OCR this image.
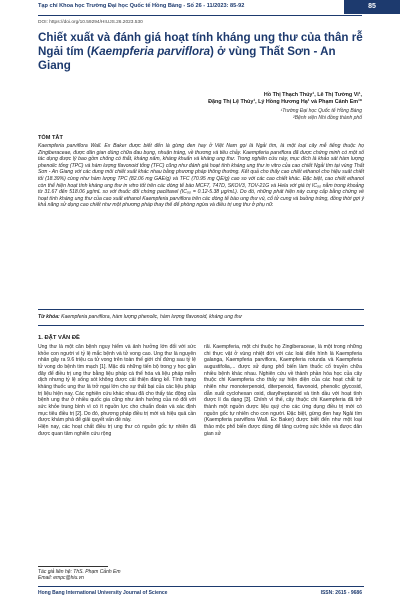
Tạp chí Khoa học Trường Đại học Quốc tế Hồng Bàng - Số 26 - 11/2023: 85-92	85
DOI: https://doi.org/10.59294/HIUJS.26.2023.530
Chiết xuất và đánh giá hoạt tính kháng ung thư của thân rễ Ngải tím (Kaempferia parviflora) ở vùng Thất Sơn - An Giang
Hồ Thị Thạch Thúy¹, Lê Thị Tường Vi¹,
Đặng Thị Lệ Thủy¹, Lý Hồng Hương Hạ¹ và Phạm Cảnh Em¹*
¹Trường Đại học Quốc tế Hồng Bàng
²Bệnh viện Nhi đồng thành phố
TÓM TẮT
Kaempferia parviflora Wall. Ex Baker được biết đến là gừng đen hay ở Việt Nam gọi là Ngải tím, là một loại cây mễ tiếng thuộc họ Zingiberaceae, được dân gian dùng chữa đau bụng, nhuận tràng, về thương và tiêu chảy. Kaempferia parviflora đã được chứng minh có một số tác dụng được lý bao gồm chống có thắt, kháng nấm, kháng khuẩn và kháng ung thư. Trong nghiên cứu này, mục đích là khảo sát hàm lượng phenolic tổng (TPC) và hàm lượng flavonoid tổng (TFC) cũng như đánh giá hoạt tính kháng ung thư in vitro của cao chiết Ngải tím tại vùng Thất Sơn - An Giang với các dung môi chiết xuất khác nhau bằng phương pháp thông thường. Kết quả cho thấy cao chiết ethanol cho hiệu suất chiết tối (18.39%) cùng như hàm lượng TPC (82.06 mg GAE/g) và TFC (70.95 mg QE/g) cao so với các cao chiết khác. Đặc biệt, cao chiết ethanol còn thể hiện hoạt tính kháng ung thư in vitro tốt trên các dòng tế bào MCF7, T47D, SKOV3, TOV-21G và Hela với giá trị IC₅₀ nằm trong khoảng từ 31.67 đến 518.06 µg/mL so với thuốc đối chứng paclitaxel (IC₅₀ = 0.12-5.38 µg/mL). Do đó, những phát hiện này cung cấp bằng chứng về hoạt tính kháng ung thư của cao xuất ethanol Kaempferia parviflora trên các dòng tế bào ung thư vú, cổ tử cung và buồng trứng, đồng thời gợi ý khả năng sử dụng cao chiết như một phương pháp thay thế để phòng ngừa và điều trị ung thư ở phụ nữ.
Từ khóa: Kaempferia parviflora, hàm lượng phenolic, hàm lượng flavonoid, kháng ung thư
1. ĐẶT VẤN ĐỀ

Ung thư là một căn bệnh nguy hiểm và ảnh hưởng lớn đối với sức khỏe con người vì tỷ lệ mắc bệnh và tử vong cao. Ung thư là nguyên nhân gây ra 9.6 triệu ca tử vong trên toàn thế giới chỉ đứng sau tỷ lệ tử vong do bệnh tim mạch [1]. Mặc dù những tiến bộ trong y học gần đây để điều trị ung thư bằng liệu pháp cá thể hóa và liệu pháp miễn dịch nhưng tỷ lệ sống sót không được cải thiện đáng kể. Tính trạng kháng thuốc ung thư là trở ngại lớn cho sự thất bại của các liệu pháp trị liệu hiện nay. Các nghiên cứu khác nhau đã cho thấy tác động của bệnh ung thư ở nhiều quốc gia cũng như ảnh hưởng của nó đối với sức khỏe trung bình vì có ít nguồn lực cho chuẩn đoán và xác định mục tiêu điều trị [2]. Do đó, phương pháp điều trị mới và hiệu quả cần được khám phá để giải quyết vấn đề này.

Hiện nay, các hoạt chất điều trị ung thư có nguồn gốc tự nhiên đã được quan tâm nghiên cứu rộng

rãi. Kaempferia, một chi thuộc họ Zingiberaceae, là một trong những chi thực vật ở vùng nhiệt đới với các loài điển hình là Kaempferia galanga, Kaempferia parviflora, Kaempferia rotunda và Kaempferia augustifolia,... được sử dụng phổ biến làm thuốc cổ truyền chữa nhiều bệnh khác nhau. Nghiên cứu về thành phần hóa học của cây thuộc chi Kaempferia cho thấy sự hiện diện của các hoạt chất tự nhiên như monoterpenoid, diterpenoid, flavonoid, phenolic glycosid, dẫn xuất cyclohexan oxid, diarylheptanoid và tinh dầu với hoạt tính được lí đa dạng [3]. Chính vì thế, cây thuộc chi Kaempferia đã trở thành một nguồn dược liệu quý cho các ứng dụng điều trị mới có nguồn gốc tự nhiên cho con người. Đặc biệt, gừng đen hay Ngải tím (Kaempferia parviflora Wall. Ex Baker) được biết đến như một loại thảo mộc phổ biến được dùng để tăng cường sức khỏe và được dân gian sử

Tác giả liên hệ: ThS. Phạm Cảnh Em
Email: empc@hiu.vn
Hong Bang International University Journal of Science	ISSN: 2615 - 9686
